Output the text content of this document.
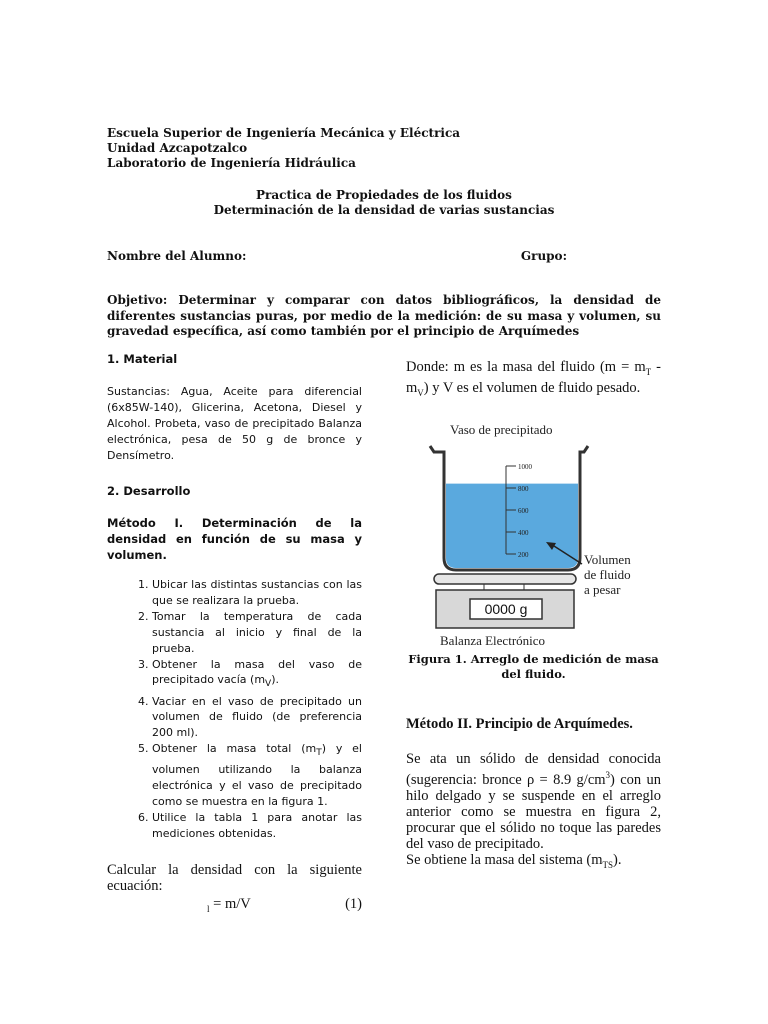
Escuela Superior de Ingeniería Mecánica y Eléctrica
Unidad Azcapotzalco
Laboratorio de Ingeniería Hidráulica
Practica de Propiedades de los fluidos
Determinación de la densidad de varias sustancias
Nombre del Alumno:	Grupo:
Objetivo: Determinar y comparar con datos bibliográficos, la densidad de diferentes sustancias puras, por medio de la medición: de su masa y volumen, su gravedad específica, así como también por el principio de Arquímedes
1. Material
Sustancias: Agua, Aceite para diferencial (6x85W-140), Glicerina, Acetona, Diesel y Alcohol. Probeta, vaso de precipitado Balanza electrónica, pesa de 50 g de bronce y Densímetro.
2. Desarrollo
Método I. Determinación de la densidad en función de su masa y volumen.
1. Ubicar las distintas sustancias con las que se realizara la prueba.
2. Tomar la temperatura de cada sustancia al inicio y final de la prueba.
3. Obtener la masa del vaso de precipitado vacía $(m_V)$.
4. Vaciar en el vaso de precipitado un volumen de fluido (de preferencia 200 ml).
5. Obtener la masa total $(m_T)$ y el volumen utilizando la balanza electrónica y el vaso de precipitado como se muestra en la figura 1.
6. Utilice la tabla 1 para anotar las mediciones obtenidas.
Calcular la densidad con la siguiente ecuación:
$_l$ = m/V	(1)
Donde: m es la masa del fluido $(m = m_T - m_V)$ y V es el volumen de fluido pesado.
Vaso de precipitado
1000
800
600
400
200	Volumen
de fluido
a pesar
0000 g
Balanza Electrónico
Figura 1. Arreglo de medición de masa del fluido.
Método II. Principio de Arquímedes.
Se ata un sólido de densidad conocida (sugerencia: bronce ρ = 8.9 $g/cm^3$) con un hilo delgado y se suspende en el arreglo anterior como se muestra en figura 2, procurar que el sólido no toque las paredes del vaso de precipitado.
Se obtiene la masa del sistema $(m_{TS})$.
